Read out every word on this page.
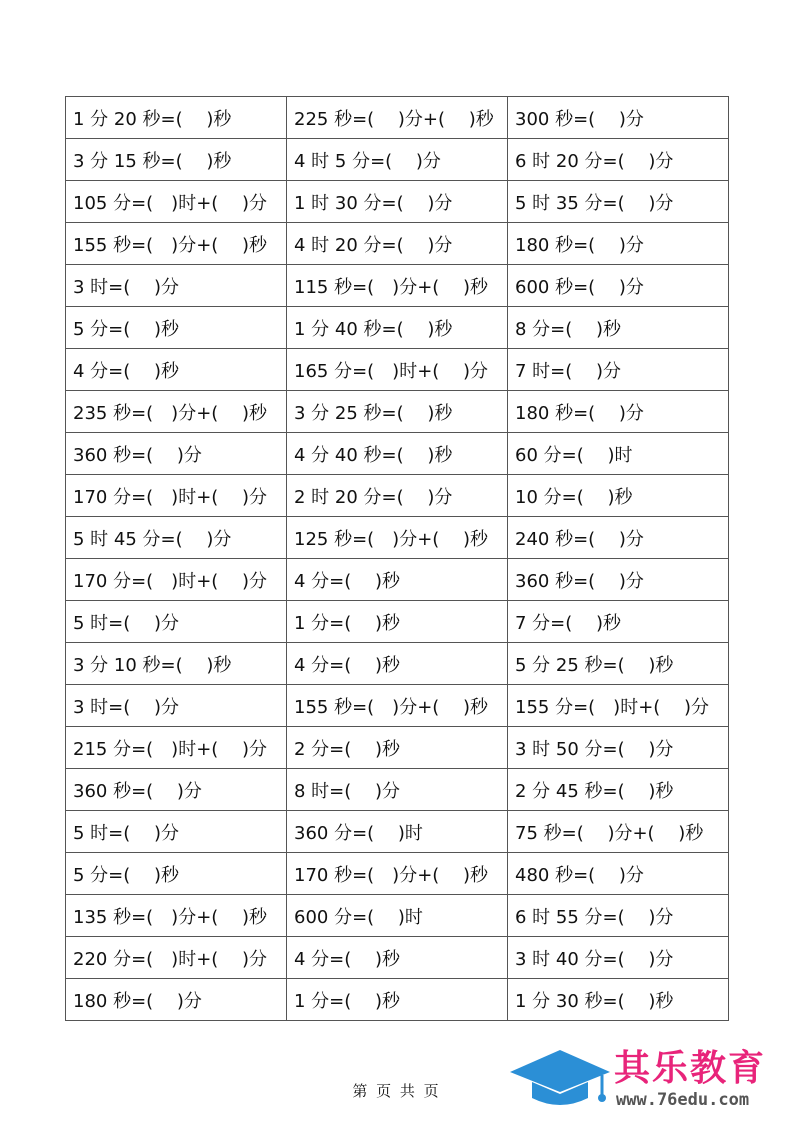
1 分 20 秒=(　 )秒	225 秒=(　 )分+(　 )秒	300 秒=(　 )分
3 分 15 秒=(　 )秒	4 时 5 分=(　 )分	6 时 20 分=(　 )分
105 分=(　)时+(　 )分	1 时 30 分=(　 )分	5 时 35 分=(　 )分
155 秒=(　)分+(　 )秒	4 时 20 分=(　 )分	180 秒=(　 )分
3 时=(　 )分	115 秒=(　)分+(　 )秒	600 秒=(　 )分
5 分=(　 )秒	1 分 40 秒=(　 )秒	8 分=(　 )秒
4 分=(　 )秒	165 分=(　)时+(　 )分	7 时=(　 )分
235 秒=(　)分+(　 )秒	3 分 25 秒=(　 )秒	180 秒=(　 )分
360 秒=(　 )分	4 分 40 秒=(　 )秒	60 分=(　 )时
170 分=(　)时+(　 )分	2 时 20 分=(　 )分	10 分=(　 )秒
5 时 45 分=(　 )分	125 秒=(　)分+(　 )秒	240 秒=(　 )分
170 分=(　)时+(　 )分	4 分=(　 )秒	360 秒=(　 )分
5 时=(　 )分	1 分=(　 )秒	7 分=(　 )秒
3 分 10 秒=(　 )秒	4 分=(　 )秒	5 分 25 秒=(　 )秒
3 时=(　 )分	155 秒=(　)分+(　 )秒	155 分=(　)时+(　 )分
215 分=(　)时+(　 )分	2 分=(　 )秒	3 时 50 分=(　 )分
360 秒=(　 )分	8 时=(　 )分	2 分 45 秒=(　 )秒
5 时=(　 )分	360 分=(　 )时	75 秒=(　 )分+(　 )秒
5 分=(　 )秒	170 秒=(　)分+(　 )秒	480 秒=(　 )分
135 秒=(　)分+(　 )秒	600 分=(　 )时	6 时 55 分=(　 )分
220 分=(　)时+(　 )分	4 分=(　 )秒	3 时 40 分=(　 )分
180 秒=(　 )分	1 分=(　 )秒	1 分 30 秒=(　 )秒
第 页 共 页
其乐教育
www.76edu.com
